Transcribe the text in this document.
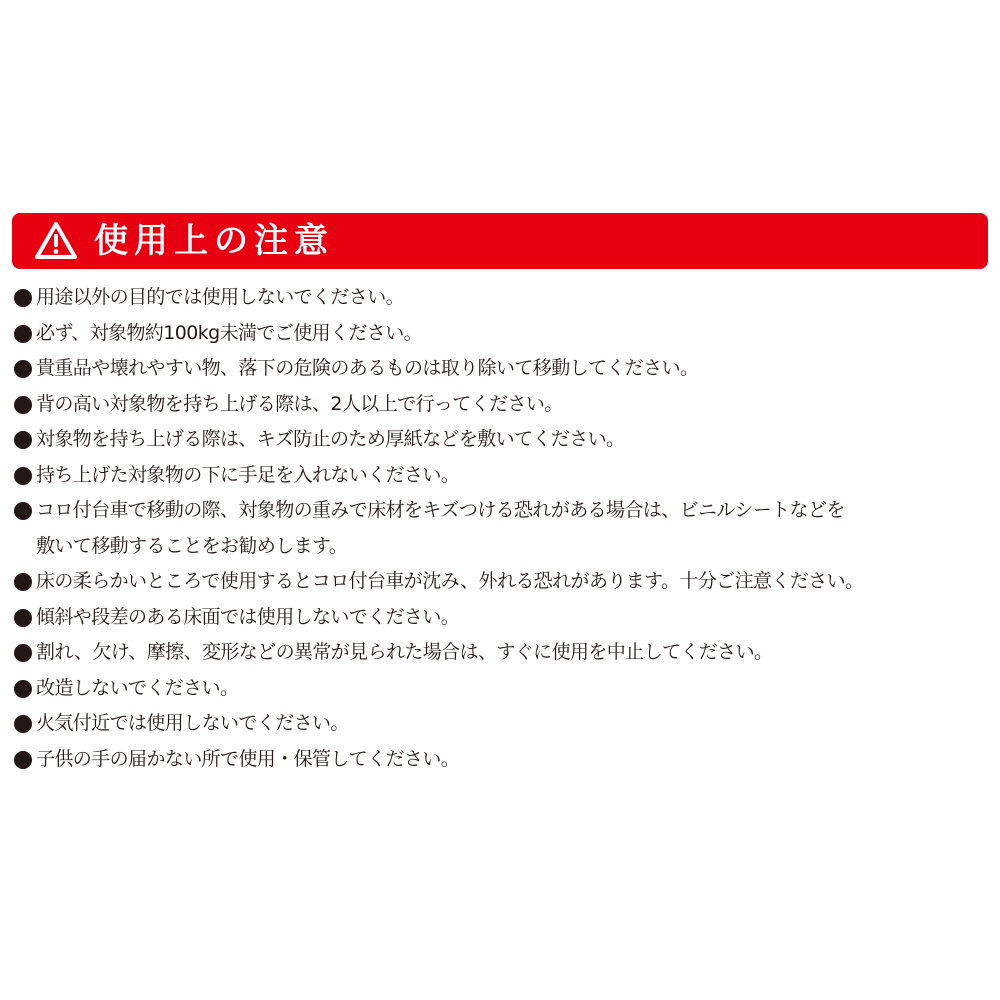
使用上の注意
用途以外の目的では使用しないでください。
必ず、対象物約100kg未満でご使用ください。
貴重品や壊れやすい物、落下の危険のあるものは取り除いて移動してください。
背の高い対象物を持ち上げる際は、2人以上で行ってください。
対象物を持ち上げる際は、キズ防止のため厚紙などを敷いてください。
持ち上げた対象物の下に手足を入れないください。
コロ付台車で移動の際、対象物の重みで床材をキズつける恐れがある場合は、ビニルシートなどを
敷いて移動することをお勧めします。
床の柔らかいところで使用するとコロ付台車が沈み、外れる恐れがあります。十分ご注意ください。
傾斜や段差のある床面では使用しないでください。
割れ、欠け、摩擦、変形などの異常が見られた場合は、すぐに使用を中止してください。
改造しないでください。
火気付近では使用しないでください。
子供の手の届かない所で使用・保管してください。
